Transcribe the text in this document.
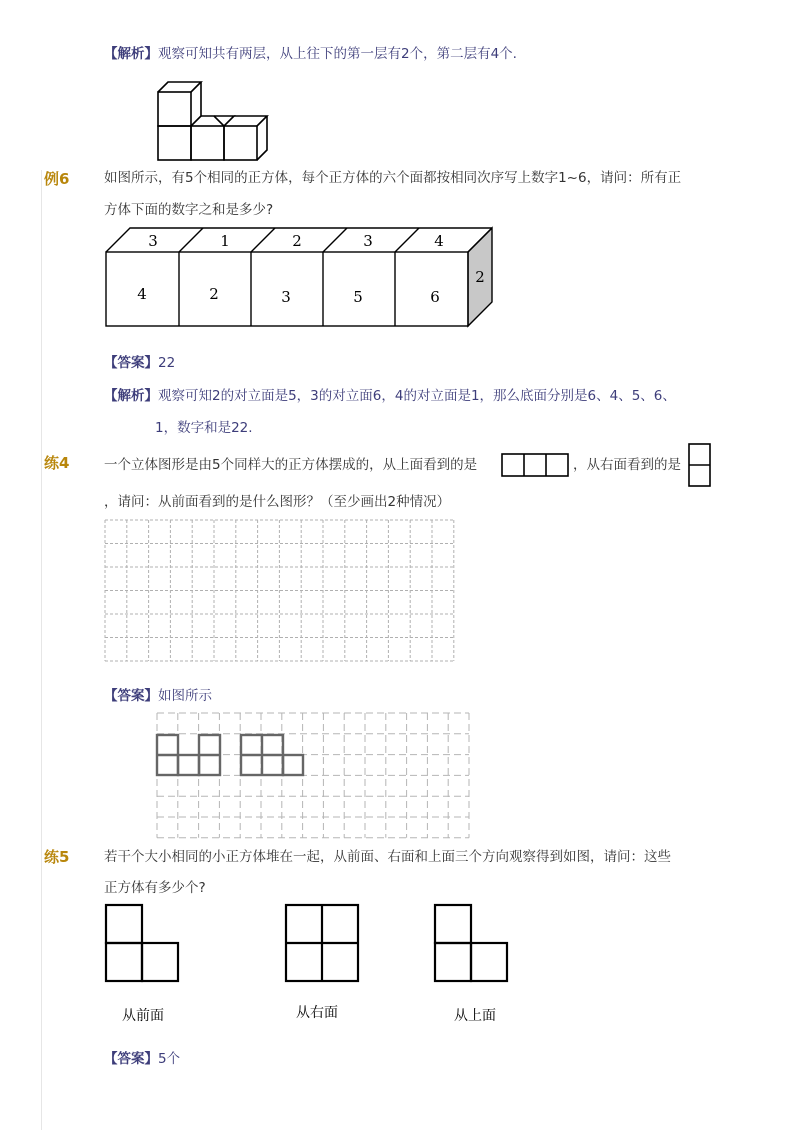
【解析】观察可知共有两层，从上往下的第一层有2个，第二层有4个.
例6	如图所示，有5个相同的正方体，每个正方体的六个面都按相同次序写上数字1~6，请问：所有正
方体下面的数字之和是多少?
3	1	2	3	4
4	2	3	5	6
2
【答案】22
【解析】观察可知2的对立面是5，3的对立面6，4的对立面是1，那么底面分别是6、4、5、6、
1，数字和是22.
练4	一个立体图形是由5个同样大的正方体摆成的，从上面看到的是	，从右面看到的是
，请问：从前面看到的是什么图形？（至少画出2种情况）
【答案】如图所示
练5	若干个大小相同的小正方体堆在一起，从前面、右面和上面三个方向观察得到如图，请问：这些
正方体有多少个?
从前面	从右面	从上面
【答案】5个
